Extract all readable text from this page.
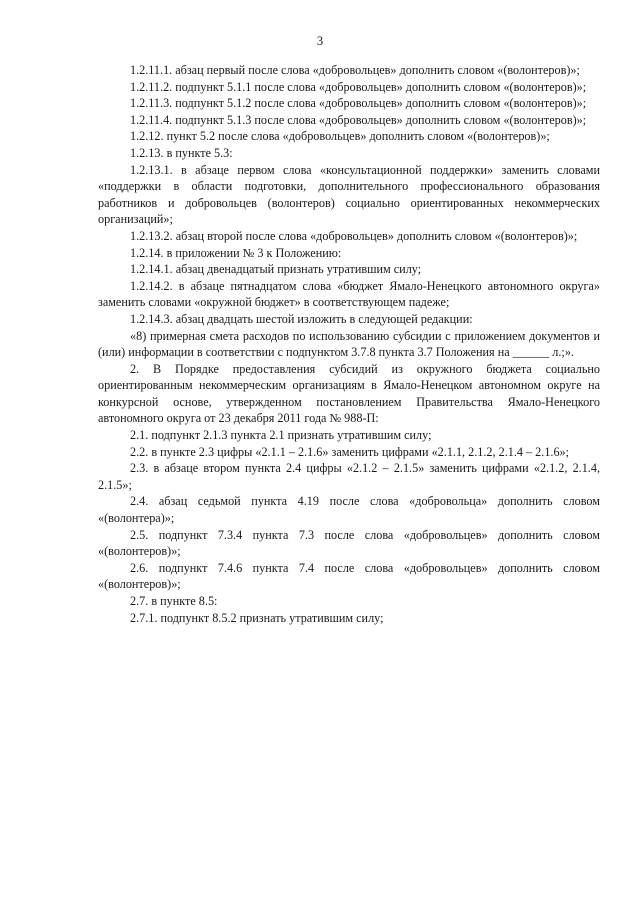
3

1.2.11.1. абзац первый после слова «добровольцев» дополнить словом «(волонтеров)»;

1.2.11.2. подпункт 5.1.1 после слова «добровольцев» дополнить словом «(волонтеров)»;

1.2.11.3. подпункт 5.1.2 после слова «добровольцев» дополнить словом «(волонтеров)»;

1.2.11.4. подпункт 5.1.3 после слова «добровольцев» дополнить словом «(волонтеров)»;

1.2.12. пункт 5.2 после слова «добровольцев» дополнить словом «(волонтеров)»;

1.2.13. в пункте 5.3:

1.2.13.1. в абзаце первом слова «консультационной поддержки» заменить словами «поддержки в области подготовки, дополнительного профессионального образования работников и добровольцев (волонтеров) социально ориентированных некоммерческих организаций»;

1.2.13.2. абзац второй после слова «добровольцев» дополнить словом «(волонтеров)»;

1.2.14. в приложении № 3 к Положению:

1.2.14.1. абзац двенадцатый признать утратившим силу;

1.2.14.2. в абзаце пятнадцатом слова «бюджет Ямало-Ненецкого автономного округа» заменить словами «окружной бюджет» в соответствующем падеже;

1.2.14.3. абзац двадцать шестой изложить в следующей редакции:

«8) примерная смета расходов по использованию субсидии с приложением документов и (или) информации в соответствии с подпунктом 3.7.8 пункта 3.7 Положения на ______ л.;».

2. В Порядке предоставления субсидий из окружного бюджета социально ориентированным некоммерческим организациям в Ямало-Ненецком автономном округе на конкурсной основе, утвержденном постановлением Правительства Ямало-Ненецкого автономного округа от 23 декабря 2011 года № 988-П:

2.1. подпункт 2.1.3 пункта 2.1 признать утратившим силу;

2.2. в пункте 2.3 цифры «2.1.1 – 2.1.6» заменить цифрами «2.1.1, 2.1.2, 2.1.4 – 2.1.6»;

2.3. в абзаце втором пункта 2.4 цифры «2.1.2 – 2.1.5» заменить цифрами «2.1.2, 2.1.4, 2.1.5»;

2.4. абзац седьмой пункта 4.19 после слова «добровольца» дополнить словом «(волонтера)»;

2.5. подпункт 7.3.4 пункта 7.3 после слова «добровольцев» дополнить словом «(волонтеров)»;

2.6. подпункт 7.4.6 пункта 7.4 после слова «добровольцев» дополнить словом «(волонтеров)»;

2.7. в пункте 8.5:

2.7.1. подпункт 8.5.2 признать утратившим силу;
